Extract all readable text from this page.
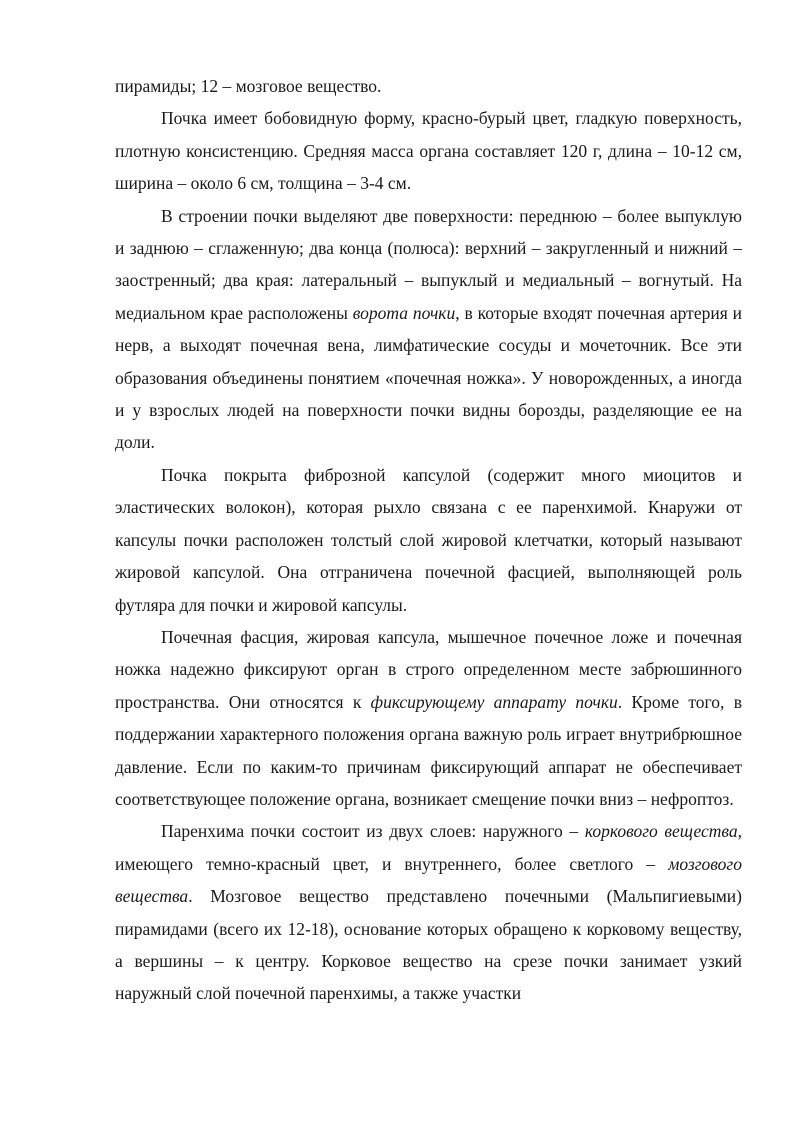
пирамиды; 12 – мозговое вещество.

Почка имеет бобовидную форму, красно-бурый цвет, гладкую поверхность, плотную консистенцию. Средняя масса органа составляет 120 г, длина – 10-12 см, ширина – около 6 см, толщина – 3-4 см.

В строении почки выделяют две поверхности: переднюю – более выпуклую и заднюю – сглаженную; два конца (полюса): верхний – закругленный и нижний – заостренный; два края: латеральный – выпуклый и медиальный – вогнутый. На медиальном крае расположены ворота почки, в которые входят почечная артерия и нерв, а выходят почечная вена, лимфатические сосуды и мочеточник. Все эти образования объединены понятием «почечная ножка». У новорожденных, а иногда и у взрослых людей на поверхности почки видны борозды, разделяющие ее на доли.

Почка покрыта фиброзной капсулой (содержит много миоцитов и эластических волокон), которая рыхло связана с ее паренхимой. Кнаружи от капсулы почки расположен толстый слой жировой клетчатки, который называют жировой капсулой. Она отграничена почечной фасцией, выполняющей роль футляра для почки и жировой капсулы.

Почечная фасция, жировая капсула, мышечное почечное ложе и почечная ножка надежно фиксируют орган в строго определенном месте забрюшинного пространства. Они относятся к фиксирующему аппарату почки. Кроме того, в поддержании характерного положения органа важную роль играет внутрибрюшное давление. Если по каким-то причинам фиксирующий аппарат не обеспечивает соответствующее положение органа, возникает смещение почки вниз – нефроптоз.

Паренхима почки состоит из двух слоев: наружного – коркового вещества, имеющего темно-красный цвет, и внутреннего, более светлого – мозгового вещества. Мозговое вещество представлено почечными (Мальпигиевыми) пирамидами (всего их 12-18), основание которых обращено к корковому веществу, а вершины – к центру. Корковое вещество на срезе почки занимает узкий наружный слой почечной паренхимы, а также участки
